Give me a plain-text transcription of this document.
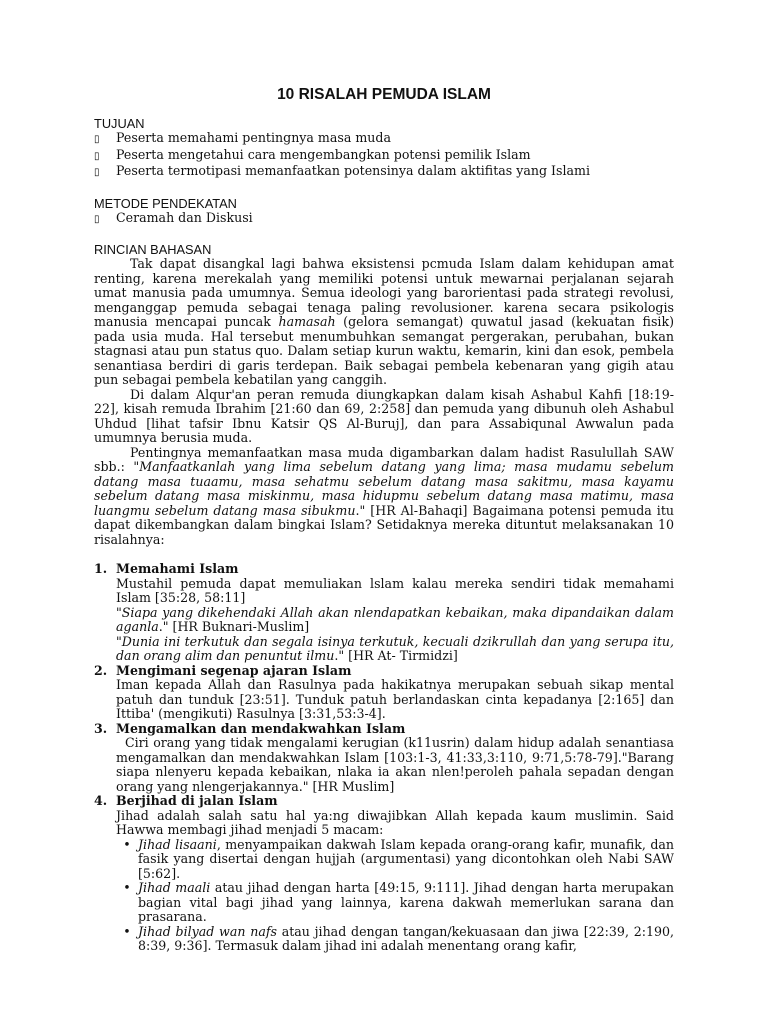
10 RISALAH PEMUDA ISLAM
TUJUAN
▯	Peserta memahami pentingnya masa muda
▯	Peserta mengetahui cara mengembangkan potensi pemilik Islam
▯	Peserta termotipasi memanfaatkan potensinya dalam aktifitas yang Islami
METODE PENDEKATAN
▯	Ceramah dan Diskusi
RINCIAN BAHASAN
Tak dapat disangkal lagi bahwa eksistensi pcmuda Islam dalam kehidupan amat renting, karena merekalah yang memiliki potensi untuk mewarnai perjalanan sejarah umat manusia pada umumnya. Semua ideologi yang barorientasi pada strategi revolusi, menganggap pemuda sebagai tenaga paling revolusioner. karena secara psikologis manusia mencapai puncak hamasah (gelora semangat) quwatul jasad (kekuatan fisik) pada usia muda. Hal tersebut menumbuhkan semangat pergerakan, perubahan, bukan stagnasi atau pun status quo. Dalam setiap kurun waktu, kemarin, kini dan esok, pembela senantiasa berdiri di garis terdepan. Baik sebagai pembela kebenaran yang gigih atau pun sebagai pembela kebatilan yang canggih.
Di dalam Alqur'an peran remuda diungkapkan dalam kisah Ashabul Kahfi [18:19-22], kisah remuda Ibrahim [21:60 dan 69, 2:258] dan pemuda yang dibunuh oleh Ashabul Uhdud [lihat tafsir Ibnu Katsir QS Al-Buruj], dan para Assabiqunal Awwalun pada umumnya berusia muda.
Pentingnya memanfaatkan masa muda digambarkan dalam hadist Rasulullah SAW sbb.: "Manfaatkanlah yang lima sebelum datang yang lima; masa mudamu sebelum datang masa tuaamu, masa sehatmu sebelum datang masa sakitmu, masa kayamu sebelum datang masa miskinmu, masa hidupmu sebelum datang masa matimu, masa luangmu sebelum datang masa sibukmu." [HR Al-Bahaqi] Bagaimana potensi pemuda itu dapat dikembangkan dalam bingkai Islam? Setidaknya mereka dituntut melaksanakan 10 risalahnya:
1. Memahami Islam
Mustahil pemuda dapat memuliakan lslam kalau mereka sendiri tidak memahami Islam [35:28, 58:11]
"Siapa yang dikehendaki Allah akan nlendapatkan kebaikan, maka dipandaikan dalam aganla." [HR Buknari-Muslim]
"Dunia ini terkutuk dan segala isinya terkutuk, kecuali dzikrullah dan yang serupa itu, dan orang alim dan penuntut ilmu." [HR At- Tirmidzi]
2. Mengimani segenap ajaran Islam
Iman kepada Allah dan Rasulnya pada hakikatnya merupakan sebuah sikap mental patuh dan tunduk [23:51]. Tunduk patuh berlandaskan cinta kepadanya [2:165] dan Ittiba' (mengikuti) Rasulnya [3:31,53:3-4].
3. Mengamalkan dan mendakwahkan Islam
Ciri orang yang tidak mengalami kerugian (k11usrin) dalam hidup adalah senantiasa mengamalkan dan mendakwahkan Islam [103:1-3, 41:33,3:110, 9:71,5:78-79]."Barang siapa nlenyeru kepada kebaikan, nlaka ia akan nlen!peroleh pahala sepadan dengan orang yang nlengerjakannya." [HR Muslim]
4. Berjihad di jalan Islam
Jihad adalah salah satu hal ya:ng diwajibkan Allah kepada kaum muslimin. Said Hawwa membagi jihad menjadi 5 macam:
• Jihad lisaani, menyampaikan dakwah Islam kepada orang-orang kafir, munafik, dan fasik yang disertai dengan hujjah (argumentasi) yang dicontohkan oleh Nabi SAW [5:62].
• Jihad maali atau jihad dengan harta [49:15, 9:111]. Jihad dengan harta merupakan bagian vital bagi jihad yang lainnya, karena dakwah memerlukan sarana dan prasarana.
• Jihad bilyad wan nafs atau jihad dengan tangan/kekuasaan dan jiwa [22:39, 2:190, 8:39, 9:36]. Termasuk dalam jihad ini adalah menentang orang kafir,
